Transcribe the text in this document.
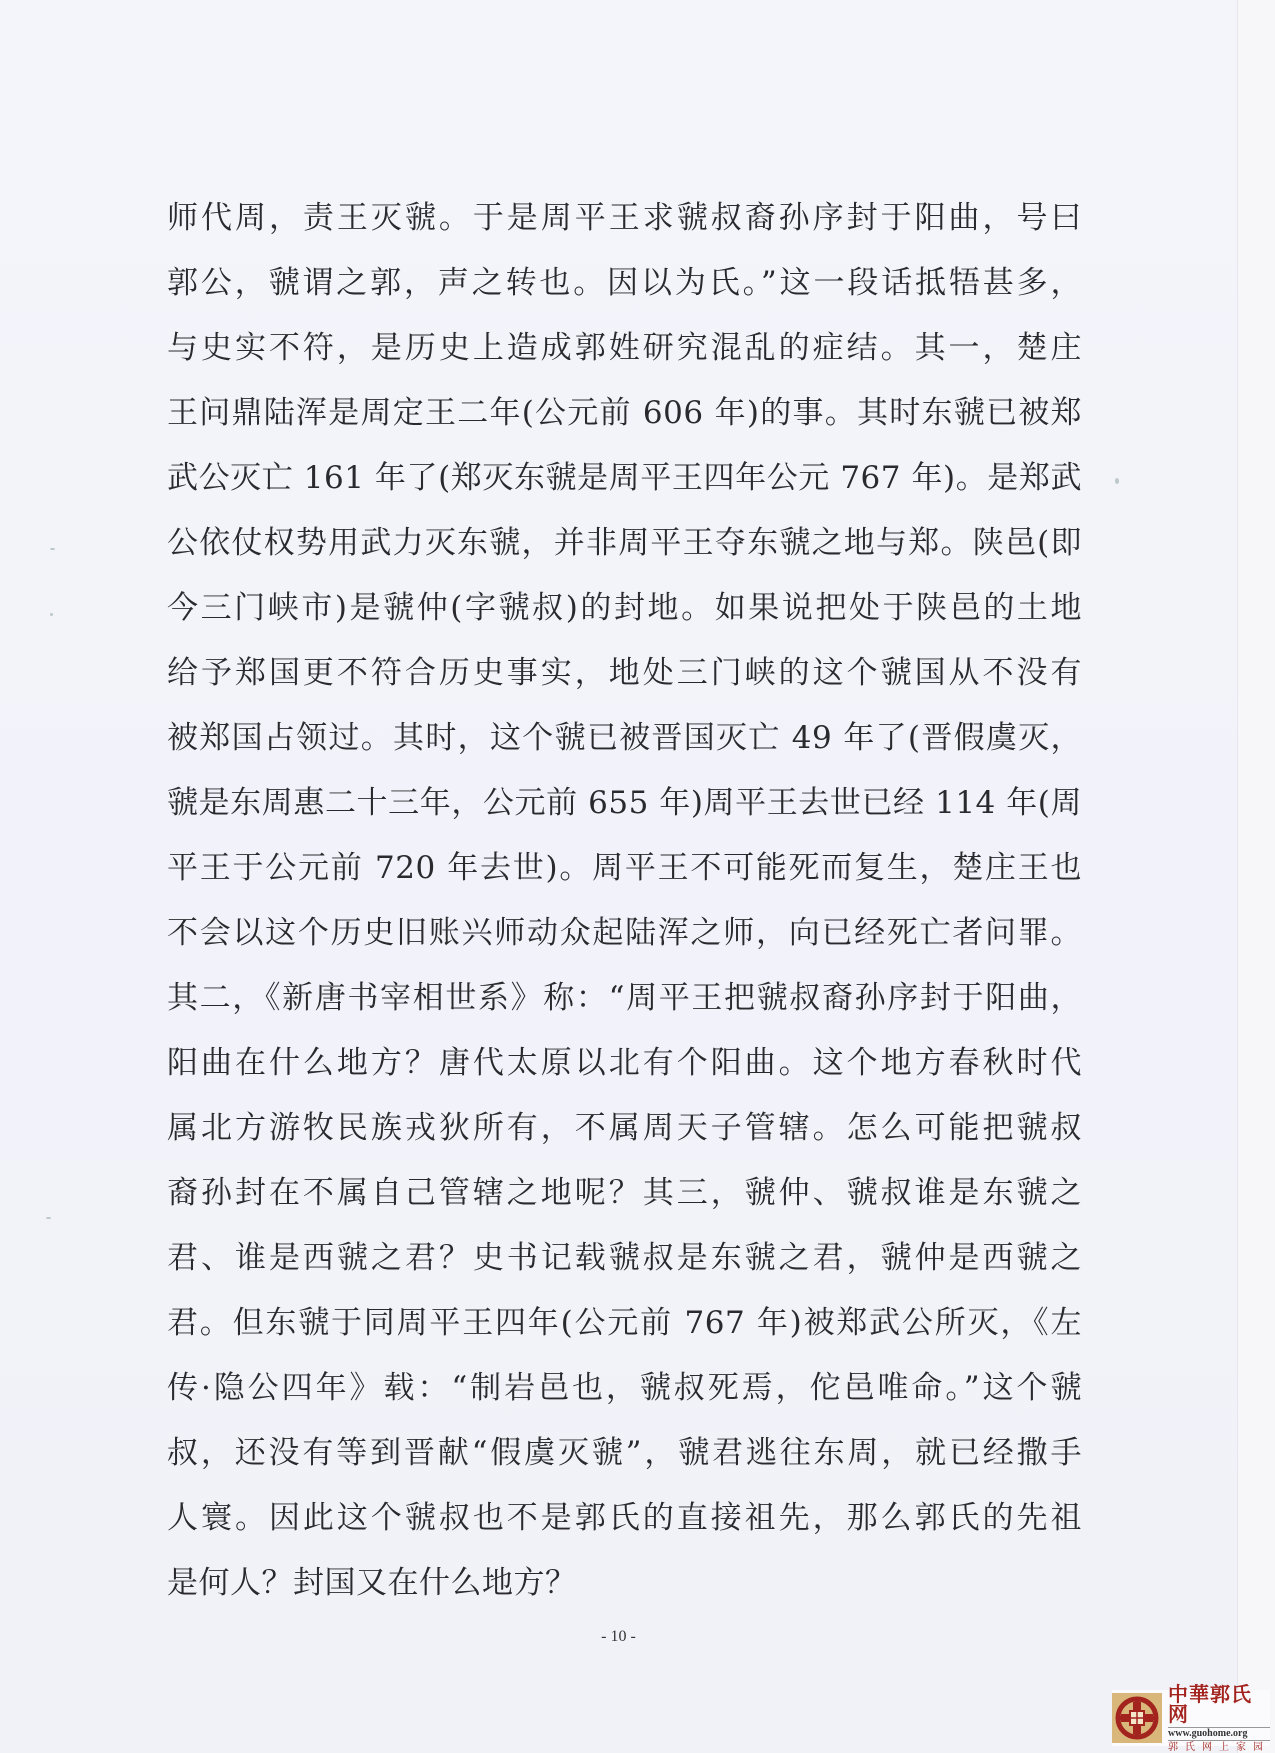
师代周，责王灭虢。于是周平王求虢叔裔孙序封于阳曲，号曰
郭公，虢谓之郭，声之转也。因以为氏。”这一段话抵牾甚多，
与史实不符，是历史上造成郭姓研究混乱的症结。其一，楚庄
王问鼎陆浑是周定王二年(公元前 606 年)的事。其时东虢已被郑
武公灭亡 161 年了(郑灭东虢是周平王四年公元 767 年)。是郑武
公依仗权势用武力灭东虢，并非周平王夺东虢之地与郑。陕邑(即
今三门峡市)是虢仲(字虢叔)的封地。如果说把处于陕邑的土地
给予郑国更不符合历史事实，地处三门峡的这个虢国从不没有
被郑国占领过。其时，这个虢已被晋国灭亡 49 年了(晋假虞灭，
虢是东周惠二十三年，公元前 655 年)周平王去世已经 114 年(周
平王于公元前 720 年去世)。周平王不可能死而复生，楚庄王也
不会以这个历史旧账兴师动众起陆浑之师，向已经死亡者问罪。
其二，《新唐书宰相世系》称：“周平王把虢叔裔孙序封于阳曲，
阳曲在什么地方？唐代太原以北有个阳曲。这个地方春秋时代
属北方游牧民族戎狄所有，不属周天子管辖。怎么可能把虢叔
裔孙封在不属自己管辖之地呢？其三，虢仲、虢叔谁是东虢之
君、谁是西虢之君？史书记载虢叔是东虢之君，虢仲是西虢之
君。但东虢于同周平王四年(公元前 767 年)被郑武公所灭，《左
传·隐公四年》载：“制岩邑也，虢叔死焉，佗邑唯命。”这个虢
叔，还没有等到晋献“假虞灭虢”，虢君逃往东周，就已经撒手
人寰。因此这个虢叔也不是郭氏的直接祖先，那么郭氏的先祖
是何人？封国又在什么地方？
- 10 -
中華郭氏网
www.guohome.org
郭氏网上家园
